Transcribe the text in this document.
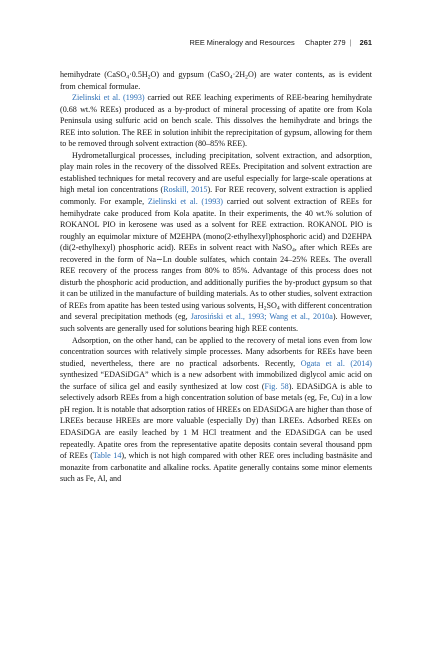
REE Mineralogy and Resources Chapter 279 | 261

hemihydrate $(CaSO_4\cdot 0.5H_2O)$ and gypsum $(CaSO_4\cdot 2H_2O)$ are water contents, as is evident from chemical formulae.

Zielinski et al. (1993) carried out REE leaching experiments of REE-bearing hemihydrate (0.68 wt.% REEs) produced as a by-product of mineral processing of apatite ore from Kola Peninsula using sulfuric acid on bench scale. This dissolves the hemihydrate and brings the REE into solution. The REE in solution inhibit the reprecipitation of gypsum, allowing for them to be removed through solvent extraction (80–85% REE).

Hydrometallurgical processes, including precipitation, solvent extraction, and adsorption, play main roles in the recovery of the dissolved REEs. Precipitation and solvent extraction are established techniques for metal recovery and are useful especially for large-scale operations at high metal ion concentrations (Roskill, 2015). For REE recovery, solvent extraction is applied commonly. For example, Zielinski et al. (1993) carried out solvent extraction of REEs for hemihydrate cake produced from Kola apatite. In their experiments, the 40 wt.% solution of ROKANOL PIO in kerosene was used as a solvent for REE extraction. ROKANOL PIO is roughly an equimolar mixture of M2EHPA (mono(2-ethylhexyl)phosphoric acid) and D2EHPA (di(2-ethylhexyl) phosphoric acid). REEs in solvent react with NaSO$_4$, after which REEs are recovered in the form of Na∼Ln double sulfates, which contain 24–25% REEs. The overall REE recovery of the process ranges from 80% to 85%. Advantage of this process does not disturb the phosphoric acid production, and additionally purifies the by-product gypsum so that it can be utilized in the manufacture of building materials. As to other studies, solvent extraction of REEs from apatite has been tested using various solvents, $H_2SO_4$ with different concentration and several precipitation methods (eg, Jarosiński et al., 1993; Wang et al., 2010a). However, such solvents are generally used for solutions bearing high REE contents.

Adsorption, on the other hand, can be applied to the recovery of metal ions even from low concentration sources with relatively simple processes. Many adsorbents for REEs have been studied, nevertheless, there are no practical adsorbents. Recently, Ogata et al. (2014) synthesized “EDASiDGA” which is a new adsorbent with immobilized diglycol amic acid on the surface of silica gel and easily synthesized at low cost (Fig. 58). EDASiDGA is able to selectively adsorb REEs from a high concentration solution of base metals (eg, Fe, Cu) in a low pH region. It is notable that adsorption ratios of HREEs on EDASiDGA are higher than those of LREEs because HREEs are more valuable (especially Dy) than LREEs. Adsorbed REEs on EDASiDGA are easily leached by 1 M HCl treatment and the EDASiDGA can be used repeatedly. Apatite ores from the representative apatite deposits contain several thousand ppm of REEs (Table 14), which is not high compared with other REE ores including bastnäsite and monazite from carbonatite and alkaline rocks. Apatite generally contains some minor elements such as Fe, Al, and
